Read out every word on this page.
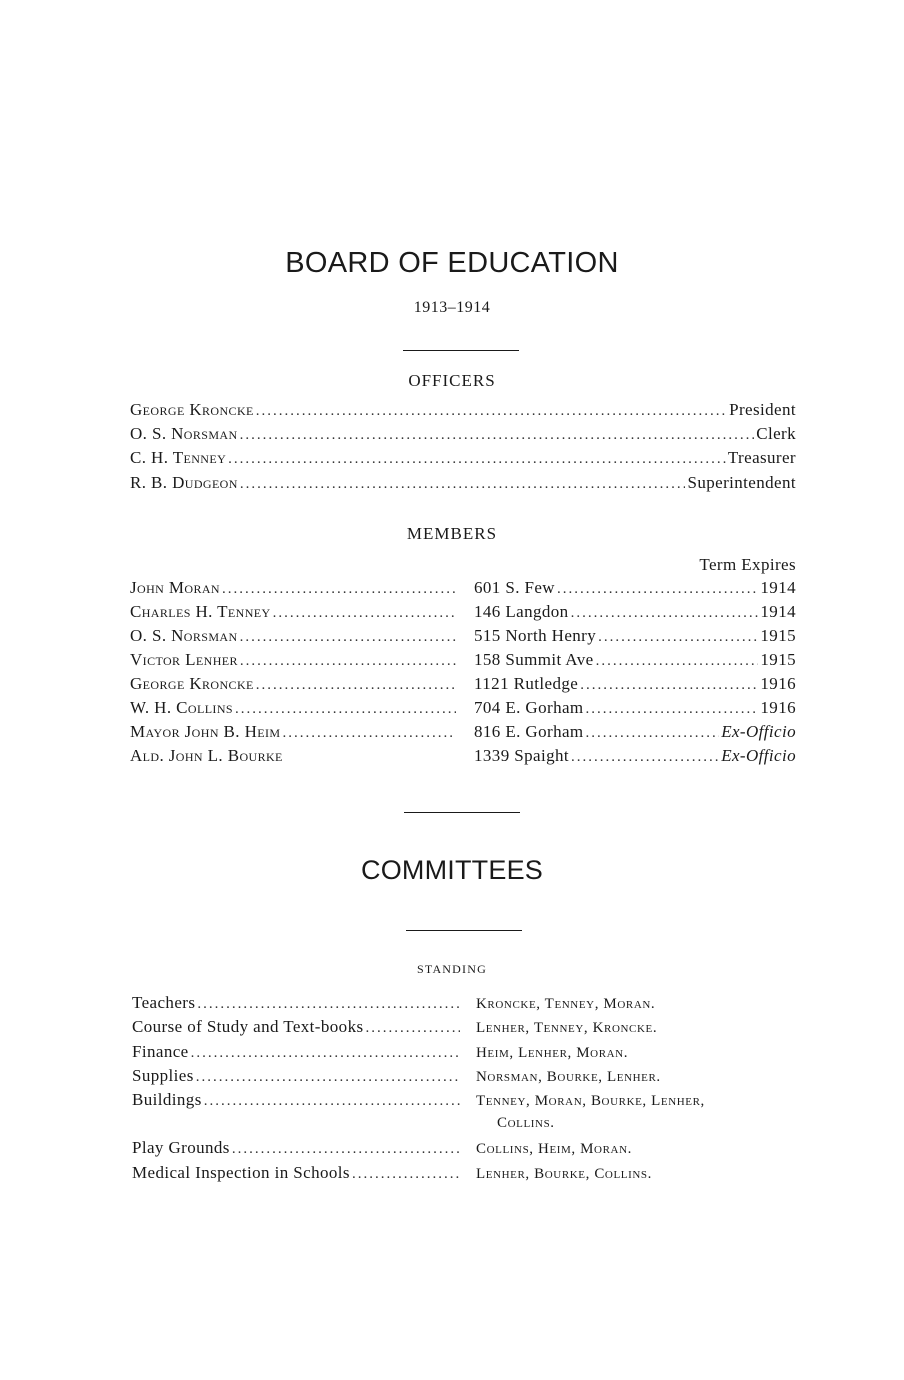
BOARD OF EDUCATION
1913–1914
OFFICERS
George Kroncke .....	President
O. S. Norsman .....	Clerk
C. H. Tenney .....	Treasurer
R. B. Dudgeon .....	Superintendent
MEMBERS
Term Expires
John Moran .....	601 S. Few .....	1914
Charles H. Tenney .....	146 Langdon .....	1914
O. S. Norsman .....	515 North Henry .....	1915
Victor Lenher .....	158 Summit Ave .....	1915
George Kroncke .....	1121 Rutledge .....	1916
W. H. Collins .....	704 E. Gorham .....	1916
Mayor John B. Heim .....	816 E. Gorham .....	Ex-Officio
Ald. John L. Bourke	1339 Spaight .....	Ex-Officio
COMMITTEES
STANDING
Teachers .....	Kroncke, Tenney, Moran.
Course of Study and Text-books .....	Lenher, Tenney, Kroncke.
Finance .....	Heim, Lenher, Moran.
Supplies .....	Norsman, Bourke, Lenher.
Buildings .....	Tenney, Moran, Bourke, Lenher,
Collins.
Play Grounds .....	Collins, Heim, Moran.
Medical Inspection in Schools .....	Lenher, Bourke, Collins.
